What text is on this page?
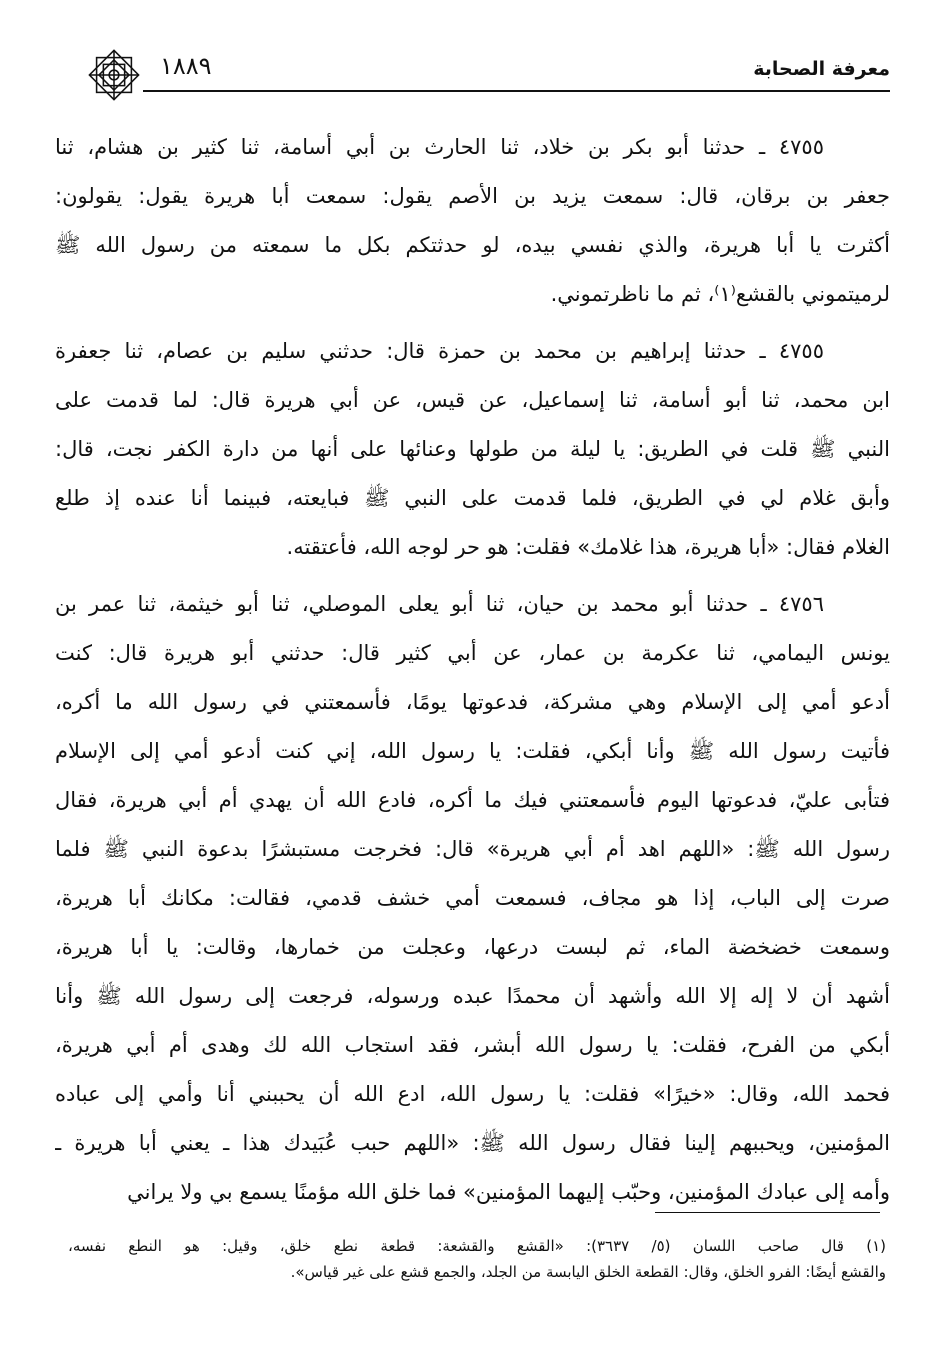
معرفة الصحابة
١٨٨٩
٤٧٥٥ ـ حدثنا أبو بكر بن خلاد، ثنا الحارث بن أبي أسامة، ثنا كثير بن هشام، ثنا
جعفر بن برقان، قال: سمعت يزيد بن الأصم يقول: سمعت أبا هريرة يقول: يقولون:
أكثرت يا أبا هريرة، والذي نفسي بيده، لو حدثتكم بكل ما سمعته من رسول الله ﷺ
لرميتموني بالقشع⁽١⁾، ثم ما ناظرتموني.
٤٧٥٥ ـ حدثنا إبراهيم بن محمد بن حمزة قال: حدثني سليم بن عصام، ثنا جعفرة
ابن محمد، ثنا أبو أسامة، ثنا إسماعيل، عن قيس، عن أبي هريرة قال: لما قدمت على
النبي ﷺ قلت في الطريق: يا ليلة من طولها وعنائها على أنها من دارة الكفر نجت، قال:
وأبق غلام لي في الطريق، فلما قدمت على النبي ﷺ فبايعته، فبينما أنا عنده إذ طلع
الغلام فقال: «أبا هريرة، هذا غلامك» فقلت: هو حر لوجه الله، فأعتقته.
٤٧٥٦ ـ حدثنا أبو محمد بن حيان، ثنا أبو يعلى الموصلي، ثنا أبو خيثمة، ثنا عمر بن
يونس اليمامي، ثنا عكرمة بن عمار، عن أبي كثير قال: حدثني أبو هريرة قال: كنت
أدعو أمي إلى الإسلام وهي مشركة، فدعوتها يومًا، فأسمعتني في رسول الله ما أكره،
فأتيت رسول الله ﷺ وأنا أبكي، فقلت: يا رسول الله، إني كنت أدعو أمي إلى الإسلام
فتأبى عليّ، فدعوتها اليوم فأسمعتني فيك ما أكره، فادع الله أن يهدي أم أبي هريرة، فقال
رسول الله ﷺ: «اللهم اهد أم أبي هريرة» قال: فخرجت مستبشرًا بدعوة النبي ﷺ فلما
صرت إلى الباب، إذا هو مجاف، فسمعت أمي خشف قدمي، فقالت: مكانك أبا هريرة،
وسمعت خضخضة الماء، ثم لبست درعها، وعجلت من خمارها، وقالت: يا أبا هريرة،
أشهد أن لا إله إلا الله وأشهد أن محمدًا عبده ورسوله، فرجعت إلى رسول الله ﷺ وأنا
أبكي من الفرح، فقلت: يا رسول الله أبشر، فقد استجاب الله لك وهدى أم أبي هريرة،
فحمد الله، وقال: «خيرًا» فقلت: يا رسول الله، ادع الله أن يحببني أنا وأمي إلى عباده
المؤمنين، ويحببهم إلينا فقال رسول الله ﷺ: «اللهم حبب عُبَيدك هذا ـ يعني أبا هريرة ـ
وأمه إلى عبادك المؤمنين، وحبّب إليهما المؤمنين» فما خلق الله مؤمنًا يسمع بي ولا يراني
(١) قال صاحب اللسان (٥/ ٣٦٣٧): «القشع والقشعة: قطعة نطع خلق، وقيل: هو النطع نفسه،
والقشع أيضًا: الفرو الخلق، وقال: القطعة الخلق اليابسة من الجلد، والجمع قشع على غير قياس».
